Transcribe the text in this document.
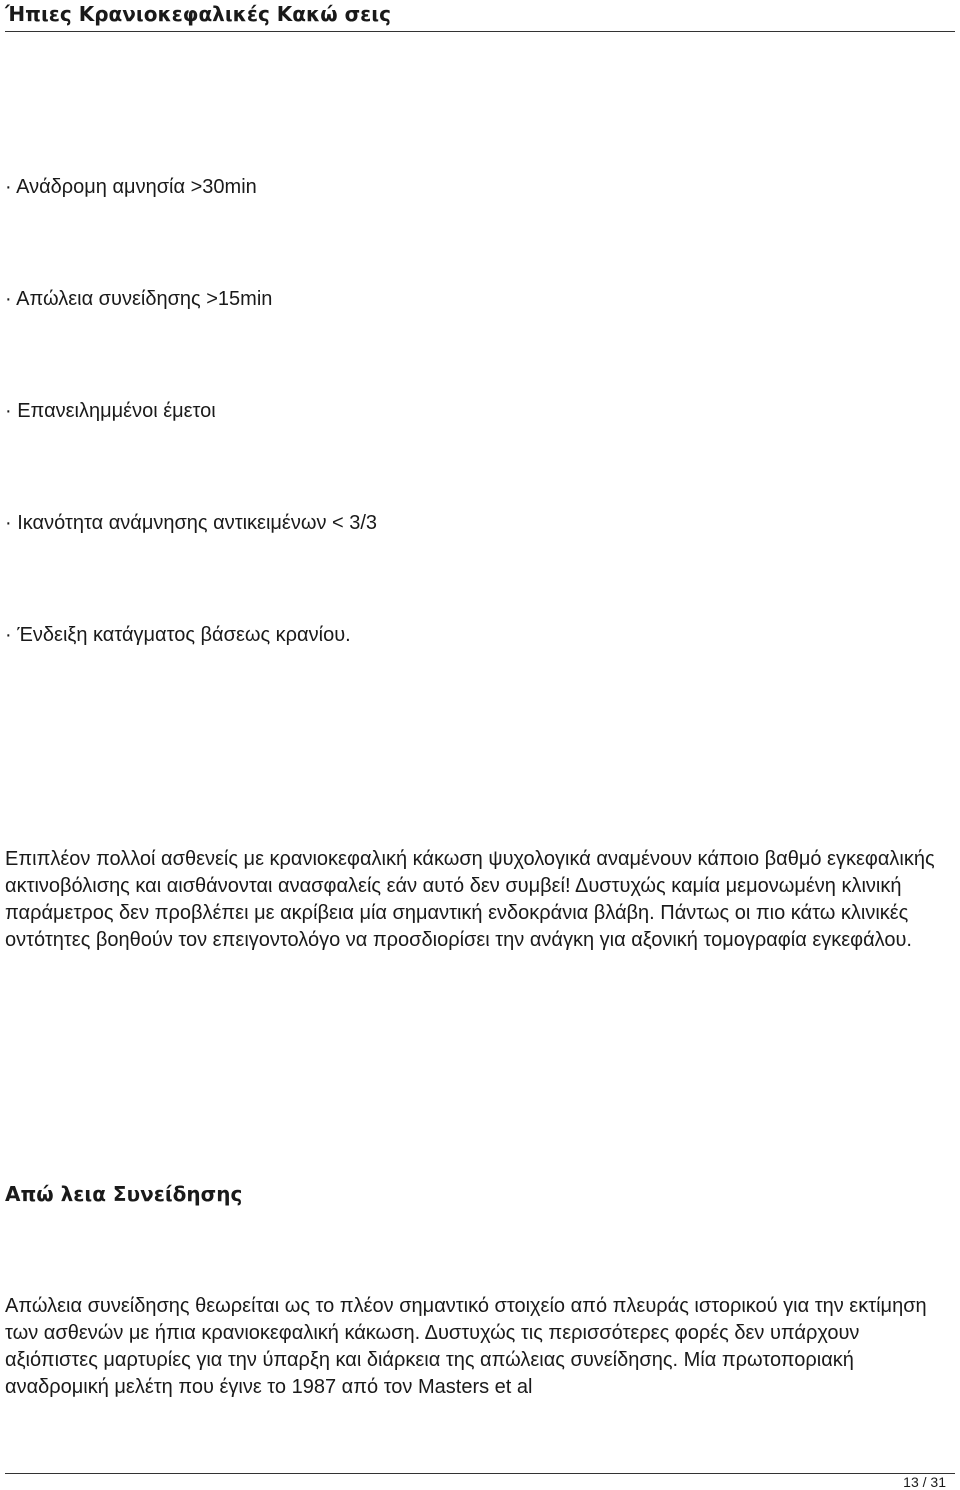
Ήπιες Κρανιοκεφαλικές Κακώ σεις
· Ανάδρομη αμνησία >30min
· Απώλεια συνείδησης >15min
· Επανειλημμένοι έμετοι
· Ικανότητα ανάμνησης αντικειμένων < 3/3
· Ένδειξη κατάγματος βάσεως κρανίου.

Επιπλέον πολλοί ασθενείς με κρανιοκεφαλική κάκωση ψυχολογικά αναμένουν κάποιο βαθμό εγκεφαλικής ακτινοβόλισης και αισθάνονται ανασφαλείς εάν αυτό δεν συμβεί! Δυστυχώς καμία μεμονωμένη κλινική παράμετρος δεν προβλέπει με ακρίβεια μία σημαντική ενδοκράνια βλάβη. Πάντως οι πιο κάτω κλινικές οντότητες βοηθούν τον επειγοντολόγο να προσδιορίσει την ανάγκη για αξονική τομογραφία εγκεφάλου.

Απώ λεια Συνείδησης

Απώλεια συνείδησης θεωρείται ως το πλέον σημαντικό στοιχείο από πλευράς ιστορικού για την εκτίμηση των ασθενών με ήπια κρανιοκεφαλική κάκωση. Δυστυχώς τις περισσότερες φορές δεν υπάρχουν αξιόπιστες μαρτυρίες για την ύπαρξη και διάρκεια της απώλειας συνείδησης. Μία πρωτοποριακή αναδρομική μελέτη που έγινε το 1987 από τον Masters et al

13 / 31
